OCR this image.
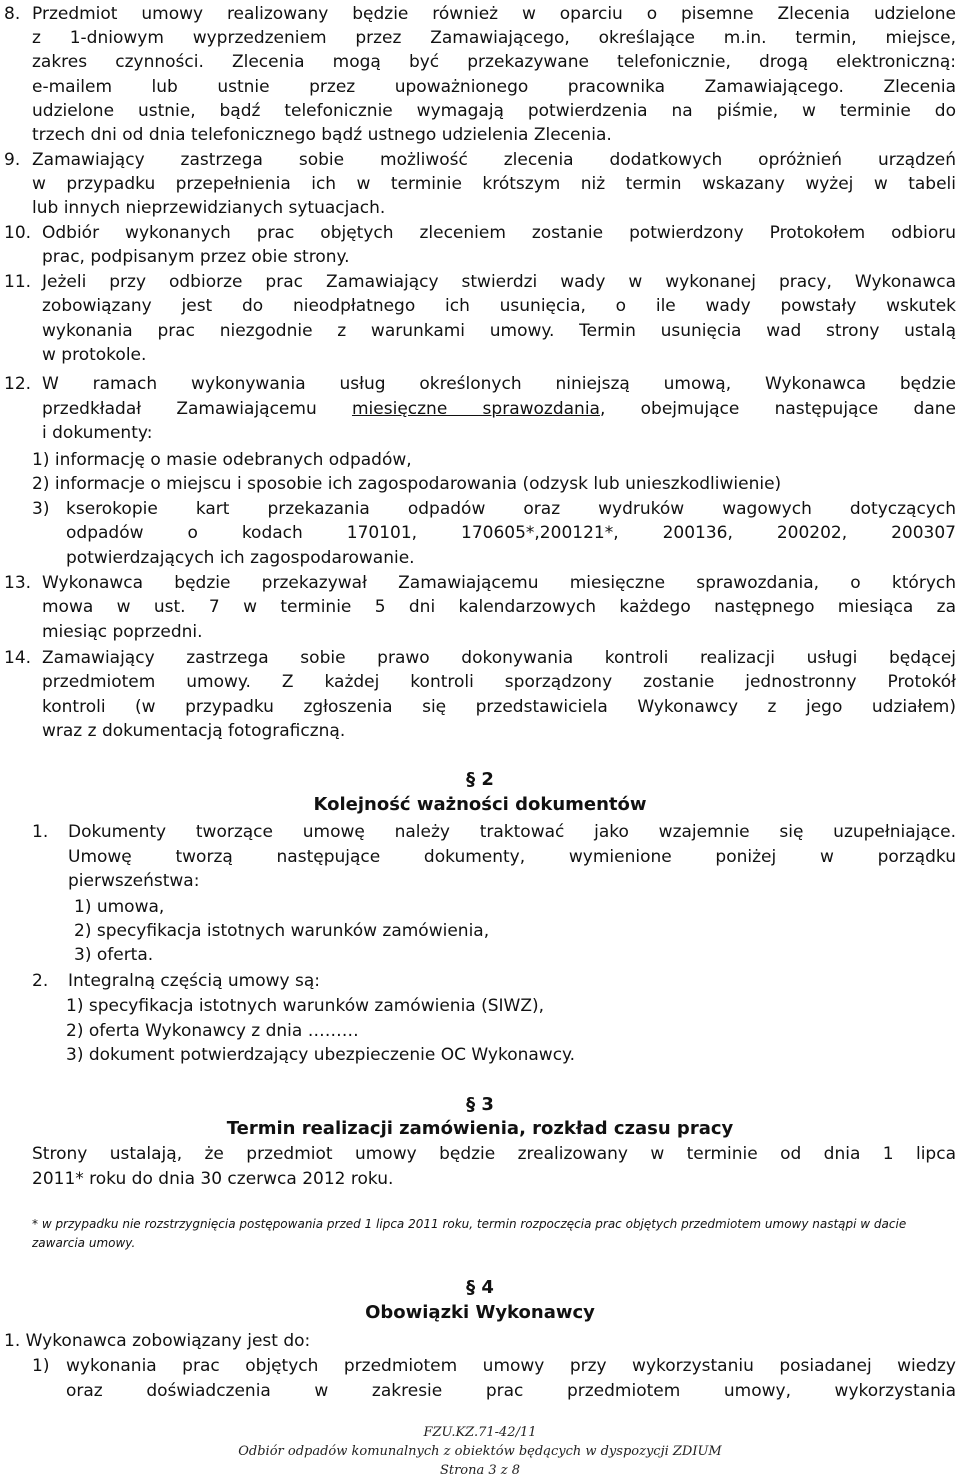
8. Przedmiot umowy realizowany będzie również w oparciu o pisemne Zlecenia udzielone
z 1-dniowym wyprzedzeniem przez Zamawiającego, określające m.in. termin, miejsce,
zakres czynności. Zlecenia mogą być przekazywane telefonicznie, drogą elektroniczną:
e-mailem lub ustnie przez upoważnionego pracownika Zamawiającego. Zlecenia
udzielone ustnie, bądź telefonicznie wymagają potwierdzenia na piśmie, w terminie do
trzech dni od dnia telefonicznego bądź ustnego udzielenia Zlecenia.
9. Zamawiający zastrzega sobie możliwość zlecenia dodatkowych opróżnień urządzeń
w przypadku przepełnienia ich w terminie krótszym niż termin wskazany wyżej w tabeli
lub innych nieprzewidzianych sytuacjach.
10. Odbiór wykonanych prac objętych zleceniem zostanie potwierdzony Protokołem odbioru
prac, podpisanym przez obie strony.
11. Jeżeli przy odbiorze prac Zamawiający stwierdzi wady w wykonanej pracy, Wykonawca
zobowiązany jest do nieodpłatnego ich usunięcia, o ile wady powstały wskutek
wykonania prac niezgodnie z warunkami umowy. Termin usunięcia wad strony ustalą
w protokole.
12. W ramach wykonywania usług określonych niniejszą umową, Wykonawca będzie
przedkładał Zamawiającemu miesięczne sprawozdania, obejmujące następujące dane
i dokumenty:
1) informację o masie odebranych odpadów,
2) informacje o miejscu i sposobie ich zagospodarowania (odzysk lub unieszkodliwienie)
3) kserokopie kart przekazania odpadów oraz wydruków wagowych dotyczących
odpadów o kodach 170101, 170605*,200121*, 200136, 200202, 200307
potwierdzających ich zagospodarowanie.
13. Wykonawca będzie przekazywał Zamawiającemu miesięczne sprawozdania, o których
mowa w ust. 7 w terminie 5 dni kalendarzowych każdego następnego miesiąca za
miesiąc poprzedni.
14. Zamawiający zastrzega sobie prawo dokonywania kontroli realizacji usługi będącej
przedmiotem umowy. Z każdej kontroli sporządzony zostanie jednostronny Protokół
kontroli (w przypadku zgłoszenia się przedstawiciela Wykonawcy z jego udziałem)
wraz z dokumentacją fotograficzną.
§ 2
Kolejność ważności dokumentów
1. Dokumenty tworzące umowę należy traktować jako wzajemnie się uzupełniające.
Umowę tworzą następujące dokumenty, wymienione poniżej w porządku
pierwszeństwa:
1) umowa,
2) specyfikacja istotnych warunków zamówienia,
3) oferta.
2. Integralną częścią umowy są:
1) specyfikacja istotnych warunków zamówienia (SIWZ),
2) oferta Wykonawcy z dnia ………
3) dokument potwierdzający ubezpieczenie OC Wykonawcy.
§ 3
Termin realizacji zamówienia, rozkład czasu pracy
Strony ustalają, że przedmiot umowy będzie zrealizowany w terminie od dnia 1 lipca
2011* roku do dnia 30 czerwca 2012 roku.
* w przypadku nie rozstrzygnięcia postępowania przed 1 lipca 2011 roku, termin rozpoczęcia prac objętych przedmiotem umowy nastąpi w dacie zawarcia umowy.
§ 4
Obowiązki Wykonawcy
1. Wykonawca zobowiązany jest do:
1) wykonania prac objętych przedmiotem umowy przy wykorzystaniu posiadanej wiedzy
oraz doświadczenia w zakresie prac przedmiotem umowy, wykorzystania
FZU.KZ.71-42/11
Odbiór odpadów komunalnych z obiektów będących w dyspozycji ZDIUM
Strona 3 z 8
